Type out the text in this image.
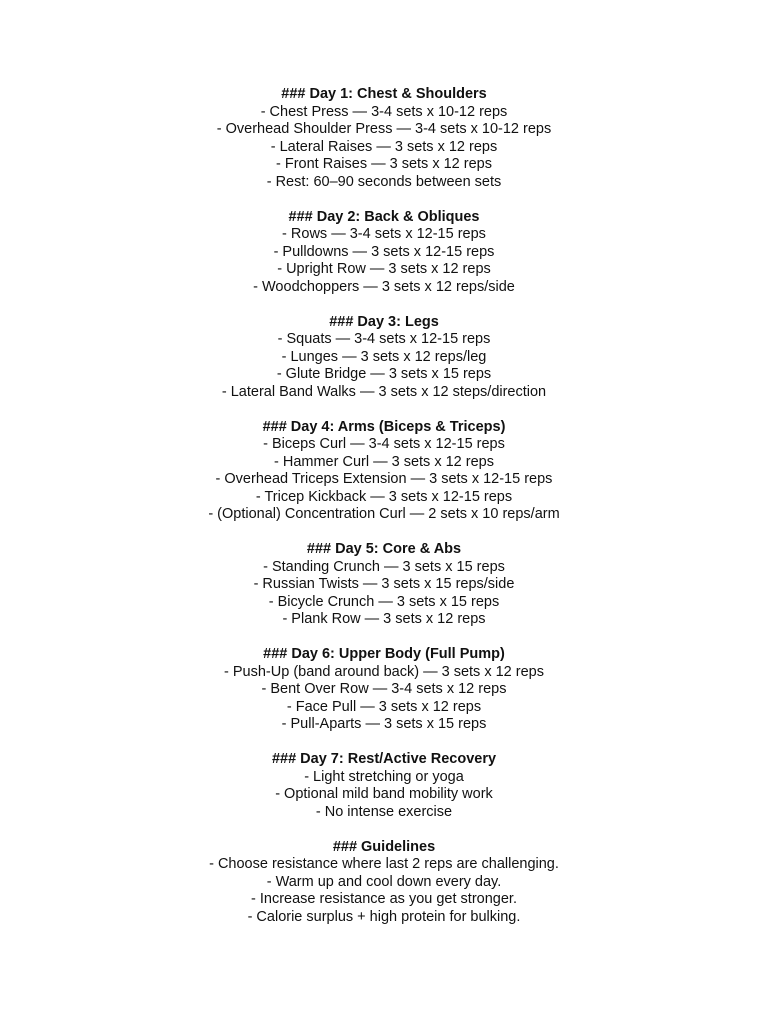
### Day 1: Chest & Shoulders
- Chest Press — 3-4 sets x 10-12 reps
- Overhead Shoulder Press — 3-4 sets x 10-12 reps
- Lateral Raises — 3 sets x 12 reps
- Front Raises — 3 sets x 12 reps
- Rest: 60–90 seconds between sets
### Day 2: Back & Obliques
- Rows — 3-4 sets x 12-15 reps
- Pulldowns — 3 sets x 12-15 reps
- Upright Row — 3 sets x 12 reps
- Woodchoppers — 3 sets x 12 reps/side
### Day 3: Legs
- Squats — 3-4 sets x 12-15 reps
- Lunges — 3 sets x 12 reps/leg
- Glute Bridge — 3 sets x 15 reps
- Lateral Band Walks — 3 sets x 12 steps/direction
### Day 4: Arms (Biceps & Triceps)
- Biceps Curl — 3-4 sets x 12-15 reps
- Hammer Curl — 3 sets x 12 reps
- Overhead Triceps Extension — 3 sets x 12-15 reps
- Tricep Kickback — 3 sets x 12-15 reps
- (Optional) Concentration Curl — 2 sets x 10 reps/arm
### Day 5: Core & Abs
- Standing Crunch — 3 sets x 15 reps
- Russian Twists — 3 sets x 15 reps/side
- Bicycle Crunch — 3 sets x 15 reps
- Plank Row — 3 sets x 12 reps
### Day 6: Upper Body (Full Pump)
- Push-Up (band around back) — 3 sets x 12 reps
- Bent Over Row — 3-4 sets x 12 reps
- Face Pull — 3 sets x 12 reps
- Pull-Aparts — 3 sets x 15 reps
### Day 7: Rest/Active Recovery
- Light stretching or yoga
- Optional mild band mobility work
- No intense exercise
### Guidelines
- Choose resistance where last 2 reps are challenging.
- Warm up and cool down every day.
- Increase resistance as you get stronger.
- Calorie surplus + high protein for bulking.
